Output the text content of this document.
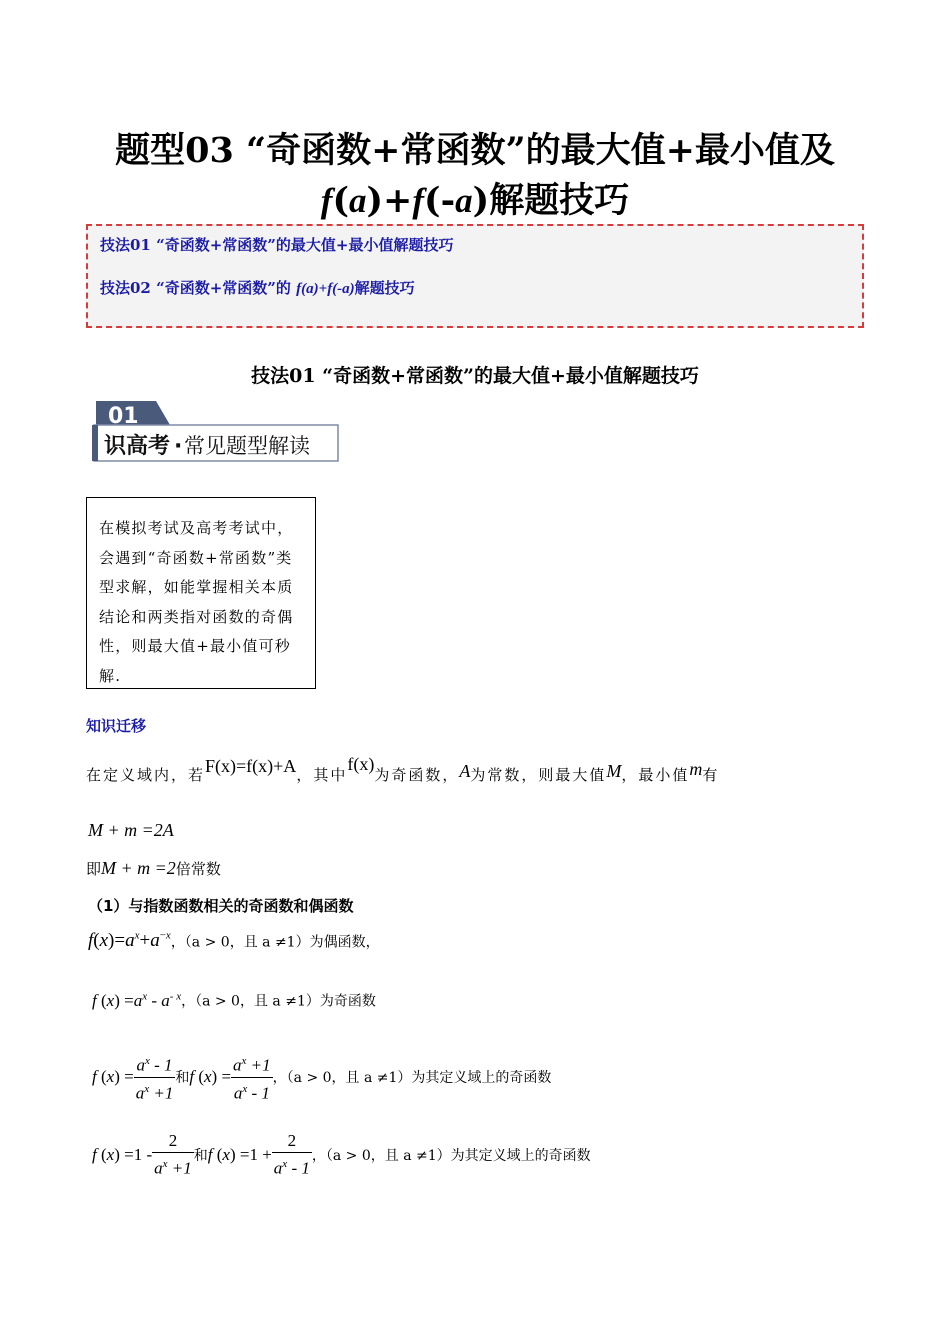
题型03 “奇函数+常函数”的最大值+最小值及
f(a)+f(-a)解题技巧
技法01 “奇函数+常函数”的最大值+最小值解题技巧
技法02 “奇函数+常函数”的 f(a)+f(-a)解题技巧
技法01 “奇函数+常函数”的最大值+最小值解题技巧
01
识高考 · 常见题型解读
在模拟考试及高考考试中，会遇到“奇函数+常函数”类型求解，如能掌握相关本质结论和两类指对函数的奇偶性，则最大值+最小值可秒解.
知识迁移
在定义域内，若F(x)=f(x)+A，其中f(x)为奇函数，A为常数，则最大值M，最小值m有
M + m =2A
即M + m =2倍常数
（1）与指数函数相关的奇函数和偶函数
$f(x)=a^x+a^{-x}$，（a > 0，且 a ≠1）为偶函数，
f $(x) =a^x - a^{- x}$，（a > 0，且 a ≠1）为奇函数
f $(x) = \frac{a^x - 1}{a^x +1}$ 和f $(x) = \frac{a^x +1}{a^x - 1}$ ，（a > 0，且 a ≠1）为其定义域上的奇函数
f $(x) =1 - \frac{2}{a^x +1}$ 和f $(x) =1 + \frac{2}{a^x - 1}$ ，（a > 0，且 a ≠1）为其定义域上的奇函数
